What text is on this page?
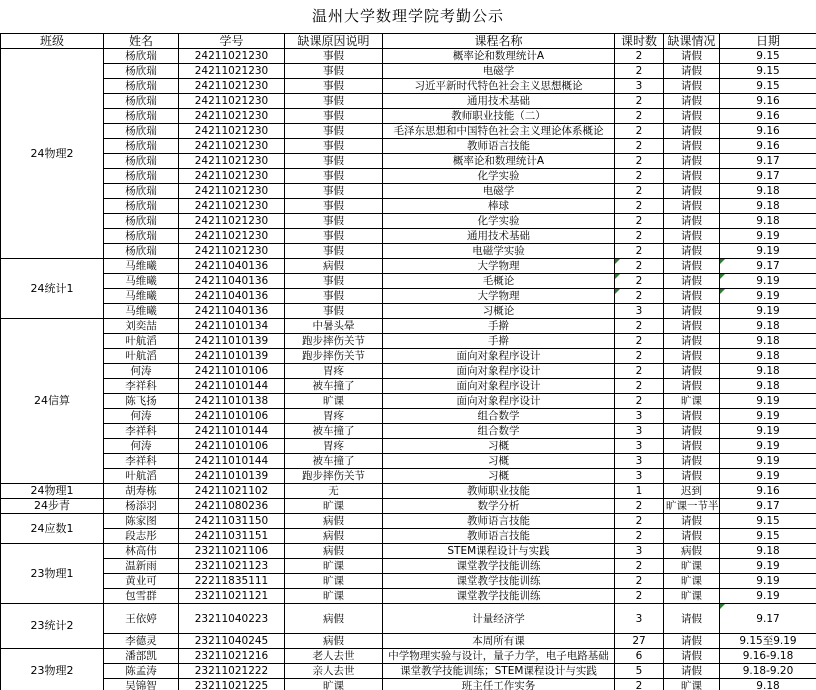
温州大学数理学院考勤公示
班级	姓名	学号	缺课原因说明	课程名称	课时数	缺课情况	日期
24物理2	杨欣瑞	24211021230	事假	概率论和数理统计A	2	请假	9.15
	杨欣瑞	24211021230	事假	电磁学	2	请假	9.15
	杨欣瑞	24211021230	事假	习近平新时代特色社会主义思想概论	3	请假	9.15
	杨欣瑞	24211021230	事假	通用技术基础	2	请假	9.16
	杨欣瑞	24211021230	事假	教师职业技能（二）	2	请假	9.16
	杨欣瑞	24211021230	事假	毛泽东思想和中国特色社会主义理论体系概论	2	请假	9.16
	杨欣瑞	24211021230	事假	教师语言技能	2	请假	9.16
	杨欣瑞	24211021230	事假	概率论和数理统计A	2	请假	9.17
	杨欣瑞	24211021230	事假	化学实验	2	请假	9.17
	杨欣瑞	24211021230	事假	电磁学	2	请假	9.18
	杨欣瑞	24211021230	事假	棒球	2	请假	9.18
	杨欣瑞	24211021230	事假	化学实验	2	请假	9.18
	杨欣瑞	24211021230	事假	通用技术基础	2	请假	9.19
	杨欣瑞	24211021230	事假	电磁学实验	2	请假	9.19
24统计1	马维曦	24211040136	病假	大学物理	2	请假	9.17
	马维曦	24211040136	事假	毛概论	2	请假	9.19
	马维曦	24211040136	事假	大学物理	2	请假	9.19
	马维曦	24211040136	事假	习概论	3	请假	9.19
24信算	刘奕喆	24211010134	中暑头晕	手擀	2	请假	9.18
	叶航滔	24211010139	跑步摔伤关节	手擀	2	请假	9.18
	叶航滔	24211010139	跑步摔伤关节	面向对象程序设计	2	请假	9.18
	何涛	24211010106	胃疼	面向对象程序设计	2	请假	9.18
	李祥科	24211010144	被车撞了	面向对象程序设计	2	请假	9.18
	陈飞扬	24211010138	旷课	面向对象程序设计	2	旷课	9.19
	何涛	24211010106	胃疼	组合数学	3	请假	9.19
	李祥科	24211010144	被车撞了	组合数学	3	请假	9.19
	何涛	24211010106	胃疼	习概	3	请假	9.19
	李祥科	24211010144	被车撞了	习概	3	请假	9.19
	叶航滔	24211010139	跑步摔伤关节	习概	3	请假	9.19
24物理1	胡寿栋	24211021102	无	教师职业技能	1	迟到	9.16
24步青	杨添羽	24211080236	旷课	数学分析	2	旷课一节半	9.17
24应数1	陈家图	24211031150	病假	教师语言技能	2	请假	9.15
	段志彤	24211031151	病假	教师语言技能	2	请假	9.15
23物理1	林高伟	23211021106	病假	STEM课程设计与实践	3	病假	9.18
	温新雨	23211021123	旷课	课堂教学技能训练	2	旷课	9.19
	黄业可	22211835111	旷课	课堂教学技能训练	2	旷课	9.19
	包雪群	23211021121	旷课	课堂教学技能训练	2	旷课	9.19
23统计2	王依婷	23211040223	病假	计量经济学	3	请假	9.17
	李德灵	23211040245	病假	本周所有课	27	请假	9.15至9.19
23物理2	潘部凯	23211021216	老人去世	中学物理实验与设计，量子力学，电子电路基础	6	请假	9.16-9.18
	陈孟涛	23211021222	亲人去世	课堂教学技能训练；STEM课程设计与实践	5	请假	9.18-9.20
	吴锦智	23211021225	旷课	班主任工作实务	2	旷课	9.18
